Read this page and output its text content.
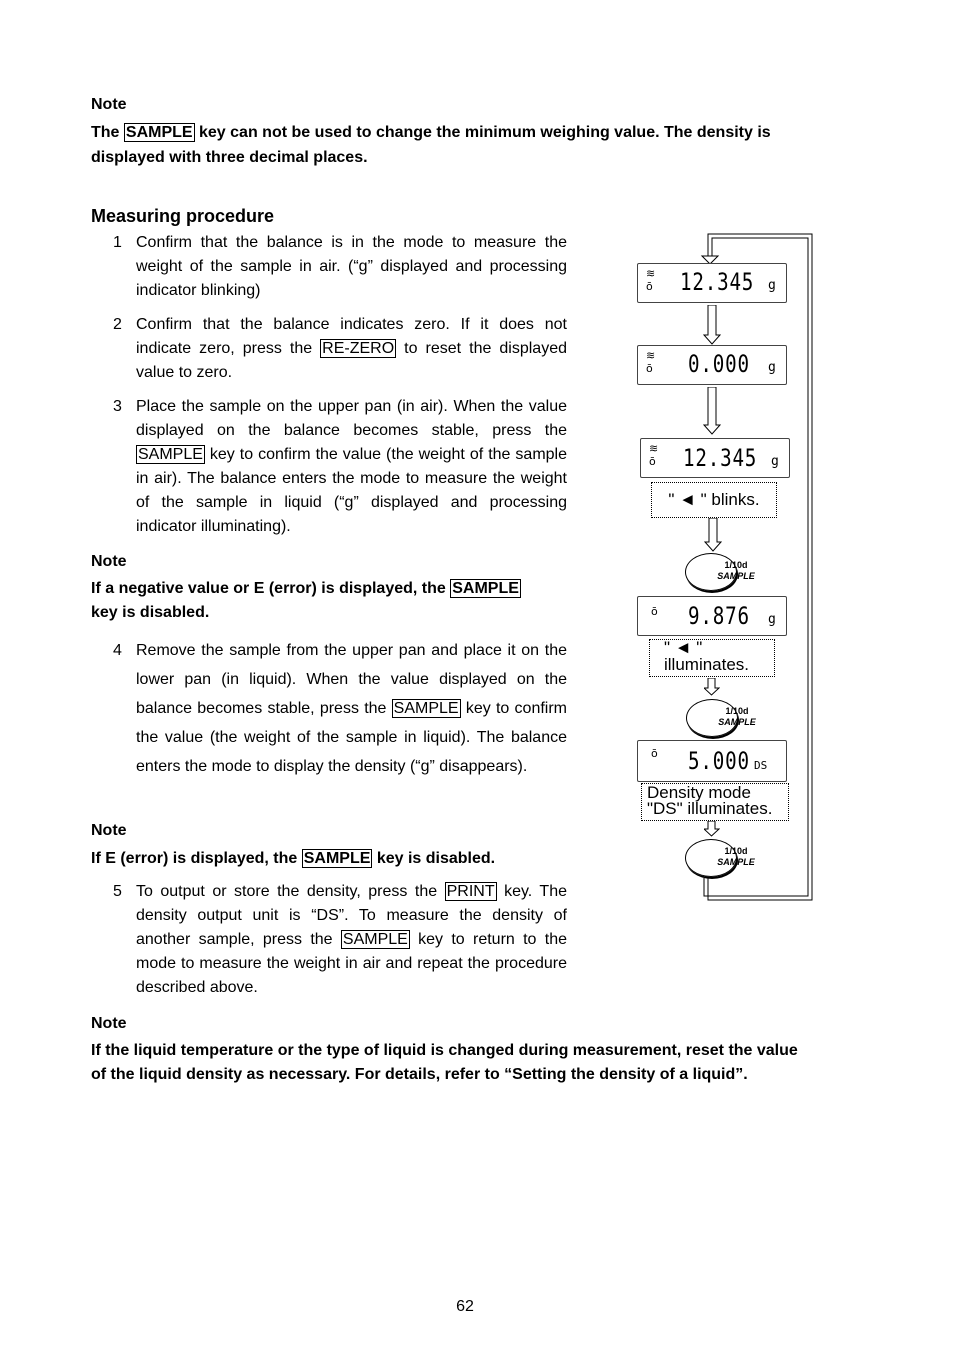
Note
The SAMPLE key can not be used to change the minimum weighing value. The density is
displayed with three decimal places.
Measuring procedure
1 Confirm that the balance is in the mode to measure the weight of the sample in air. (“g” displayed and processing indicator blinking)
2 Confirm that the balance indicates zero. If it does not indicate zero, press the RE-ZERO to reset the displayed value to zero.
3 Place the sample on the upper pan (in air). When the value displayed on the balance becomes stable, press the SAMPLE key to confirm the value (the weight of the sample in air). The balance enters the mode to measure the weight of the sample in liquid (“g” displayed and processing indicator illuminating).
Note
If a negative value or E (error) is displayed, the SAMPLE
key is disabled.
4 Remove the sample from the upper pan and place it on the lower pan (in liquid). When the value displayed on the balance becomes stable, press the SAMPLE key to confirm the value (the weight of the sample in liquid). The balance enters the mode to display the density (“g” disappears).
Note
If E (error) is displayed, the SAMPLE key is disabled.
5 To output or store the density, press the PRINT key. The density output unit is “DS”. To measure the density of another sample, press the SAMPLE key to return to the mode to measure the weight in air and repeat the procedure described above.
Note
If the liquid temperature or the type of liquid is changed during measurement, reset the value
of the liquid density as necessary. For details, refer to “Setting the density of a liquid”.
≋
ō 12.345 g
≋
ō 0.000 g
≋
ō 12.345 g
" ◄ " blinks.
1/10d
SAMPLE
ō 9.876 g
" ◄ "
illuminates.
1/10d
SAMPLE
ō 5.000 DS
Density mode
"DS" illuminates.
1/10d
SAMPLE
62
